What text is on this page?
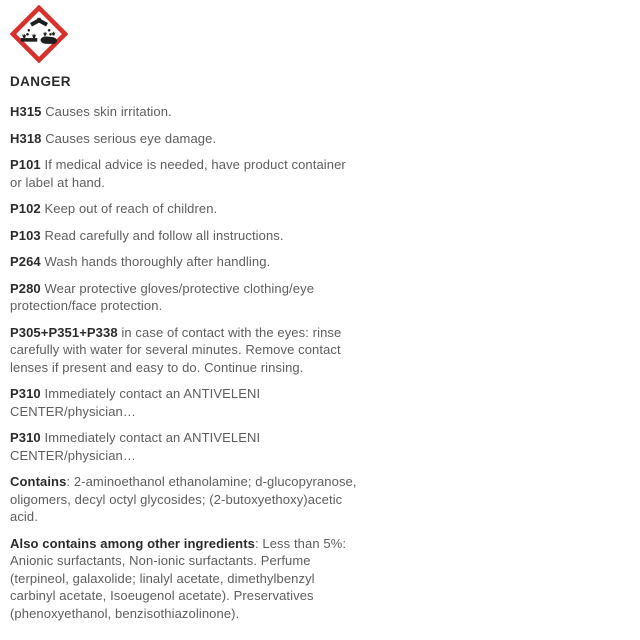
DANGER

H315 Causes skin irritation.

H318 Causes serious eye damage.

P101 If medical advice is needed, have product container or label at hand.

P102 Keep out of reach of children.

P103 Read carefully and follow all instructions.

P264 Wash hands thoroughly after handling.

P280 Wear protective gloves/protective clothing/eye protection/face protection.

P305+P351+P338 in case of contact with the eyes: rinse carefully with water for several minutes. Remove contact lenses if present and easy to do. Continue rinsing.

P310 Immediately contact an ANTIVELENI CENTER/physician…

P310 Immediately contact an ANTIVELENI CENTER/physician…

Contains: 2-aminoethanol ethanolamine; d-glucopyranose, oligomers, decyl octyl glycosides; (2-butoxyethoxy)acetic acid.

Also contains among other ingredients: Less than 5%: Anionic surfactants, Non-ionic surfactants. Perfume (terpineol, galaxolide; linalyl acetate, dimethylbenzyl carbinyl acetate, Isoeugenol acetate). Preservatives (phenoxyethanol, benzisothiazolinone).
